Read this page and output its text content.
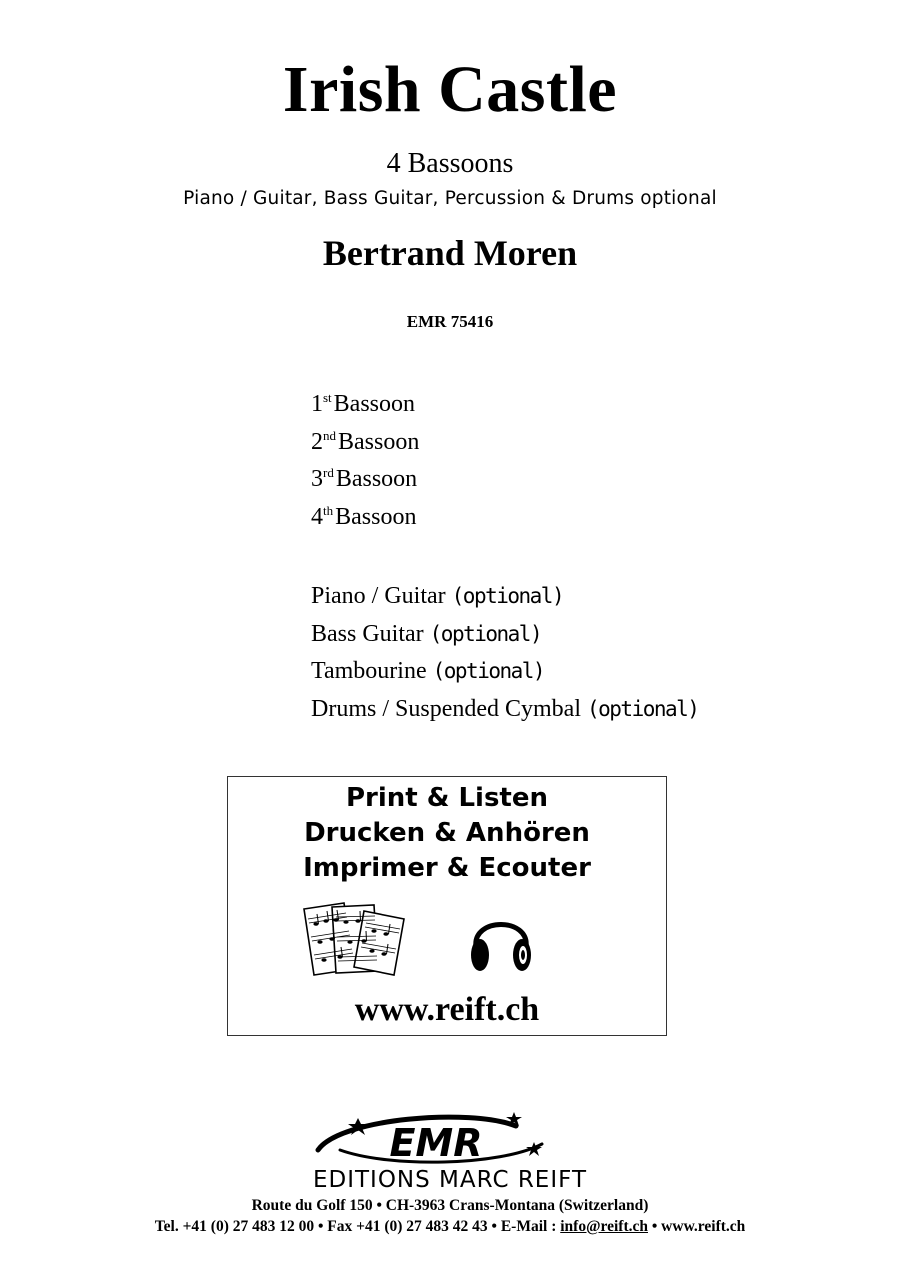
Irish Castle
4 Bassoons
Piano / Guitar, Bass Guitar, Percussion & Drums optional
Bertrand Moren
EMR 75416
1stBassoon
2ndBassoon
3rdBassoon
4thBassoon
Piano / Guitar (optional)
Bass Guitar (optional)
Tambourine (optional)
Drums / Suspended Cymbal (optional)
Print & Listen
Drucken & Anhören
Imprimer & Ecouter
www.reift.ch
EMR
EDITIONS MARC REIFT
Route du Golf 150 • CH-3963 Crans-Montana (Switzerland)
Tel. +41 (0) 27 483 12 00 • Fax +41 (0) 27 483 42 43 • E-Mail : info@reift.ch • www.reift.ch
